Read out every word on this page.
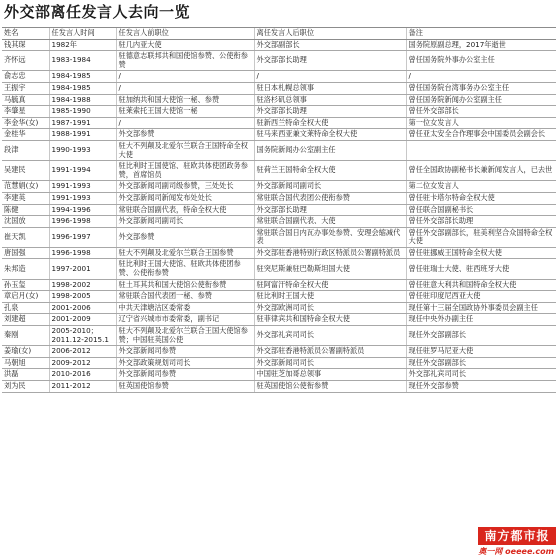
外交部离任发言人去向一览
姓名	任发言人时间	任发言人前职位	离任发言人后职位	备注
钱其琛	1982年	驻几内亚大使	外交部副部长	国务院原副总理，2017年逝世
齐怀远	1983-1984	驻德意志联邦共和国使馆参赞、公使衔参赞	外交部部长助理	曾任国务院外事办公室主任
俞志忠	1984-1985	/	/	/
王振宇	1984-1985	/	驻日本札幌总领事	曾任国务院台湾事务办公室主任
马毓真	1984-1988	驻加纳共和国大使馆一秘、参赞	驻洛杉矶总领事	曾任国务院新闻办公室副主任
李肇星	1985-1990	驻莱索托王国大使馆一秘	外交部部长助理	曾任外交部部长
李金华(女)	1987-1991	/	驻新西兰特命全权大使	第一位女发言人
金桂华	1988-1991	外交部参赞	驻马来西亚兼文莱特命全权大使	曾任亚太安全合作理事会中国委员会副会长
段津	1990-1993	驻大不列颠及北爱尔兰联合王国特命全权大使	国务院新闻办公室副主任	
吴建民	1991-1994	驻比利时王国使馆、驻欧共体使团政务参赞，首席馆员	驻荷兰王国特命全权大使	曾任全国政协副秘书长兼新闻发言人，已去世
范慧娟(女)	1991-1993	外交部新闻司副司级参赞，三处处长	外交部新闻司副司长	第二位女发言人
李建英	1991-1993	外交部新闻司新闻发布处处长	常驻联合国代表团公使衔参赞	曾任驻卡塔尔特命全权大使
陈健	1994-1996	常驻联合国副代表，特命全权大使	外交部部长助理	曾任联合国副秘书长
沈国放	1996-1998	外交部新闻司副司长	常驻联合国副代表、大使	曾任外交部部长助理
崔天凯	1996-1997	外交部参赞	常驻联合国日内瓦办事处参赞、安理会缩减代表	曾任外交部副部长，驻美利坚合众国特命全权大使
唐国强	1996-1998	驻大不列颠及北爱尔兰联合王国参赞	外交部驻香港特别行政区特派员公署副特派员	曾任驻挪威王国特命全权大使
朱邦造	1997-2001	驻比利时王国大使馆、驻欧共体使团参赞、公使衔参赞	驻突尼斯兼驻巴勒斯坦国大使	曾任驻瑞士大使、驻西班牙大使
孙玉玺	1998-2002	驻土耳其共和国大使馆公使衔参赞	驻阿富汗特命全权大使	曾任驻意大利共和国特命全权大使
章启月(女)	1998-2005	常驻联合国代表团一秘、参赞	驻比利时王国大使	曾任驻印度尼西亚大使
孔泉	2001-2006	中共天津塘沽区委常委	外交部欧洲司司长	现任第十三届全国政协外事委员会副主任
刘建超	2001-2009	辽宁省兴城市市委常委，副书记	驻菲律宾共和国特命全权大使	现任中央外办副主任
秦刚	2005-2010；2011.12-2015.1	驻大不列颠及北爱尔兰联合王国大使馆参赞；中国驻英国公使	外交部礼宾司司长	现任外交部副部长
姜瑜(女)	2006-2012	外交部新闻司参赞	外交部驻香港特派员公署副特派员	现任驻罗马尼亚大使
马朝旭	2009-2012	外交部政策规划司司长	外交部新闻司司长	现任外交部副部长
洪磊	2010-2016	外交部新闻司参赞	中国驻芝加哥总领事	外交部礼宾司司长
刘为民	2011-2012	驻英国使馆参赞	驻英国使馆公使衔参赞	现任外交部参赞
南方都市报
奥一网 oeeee.com
